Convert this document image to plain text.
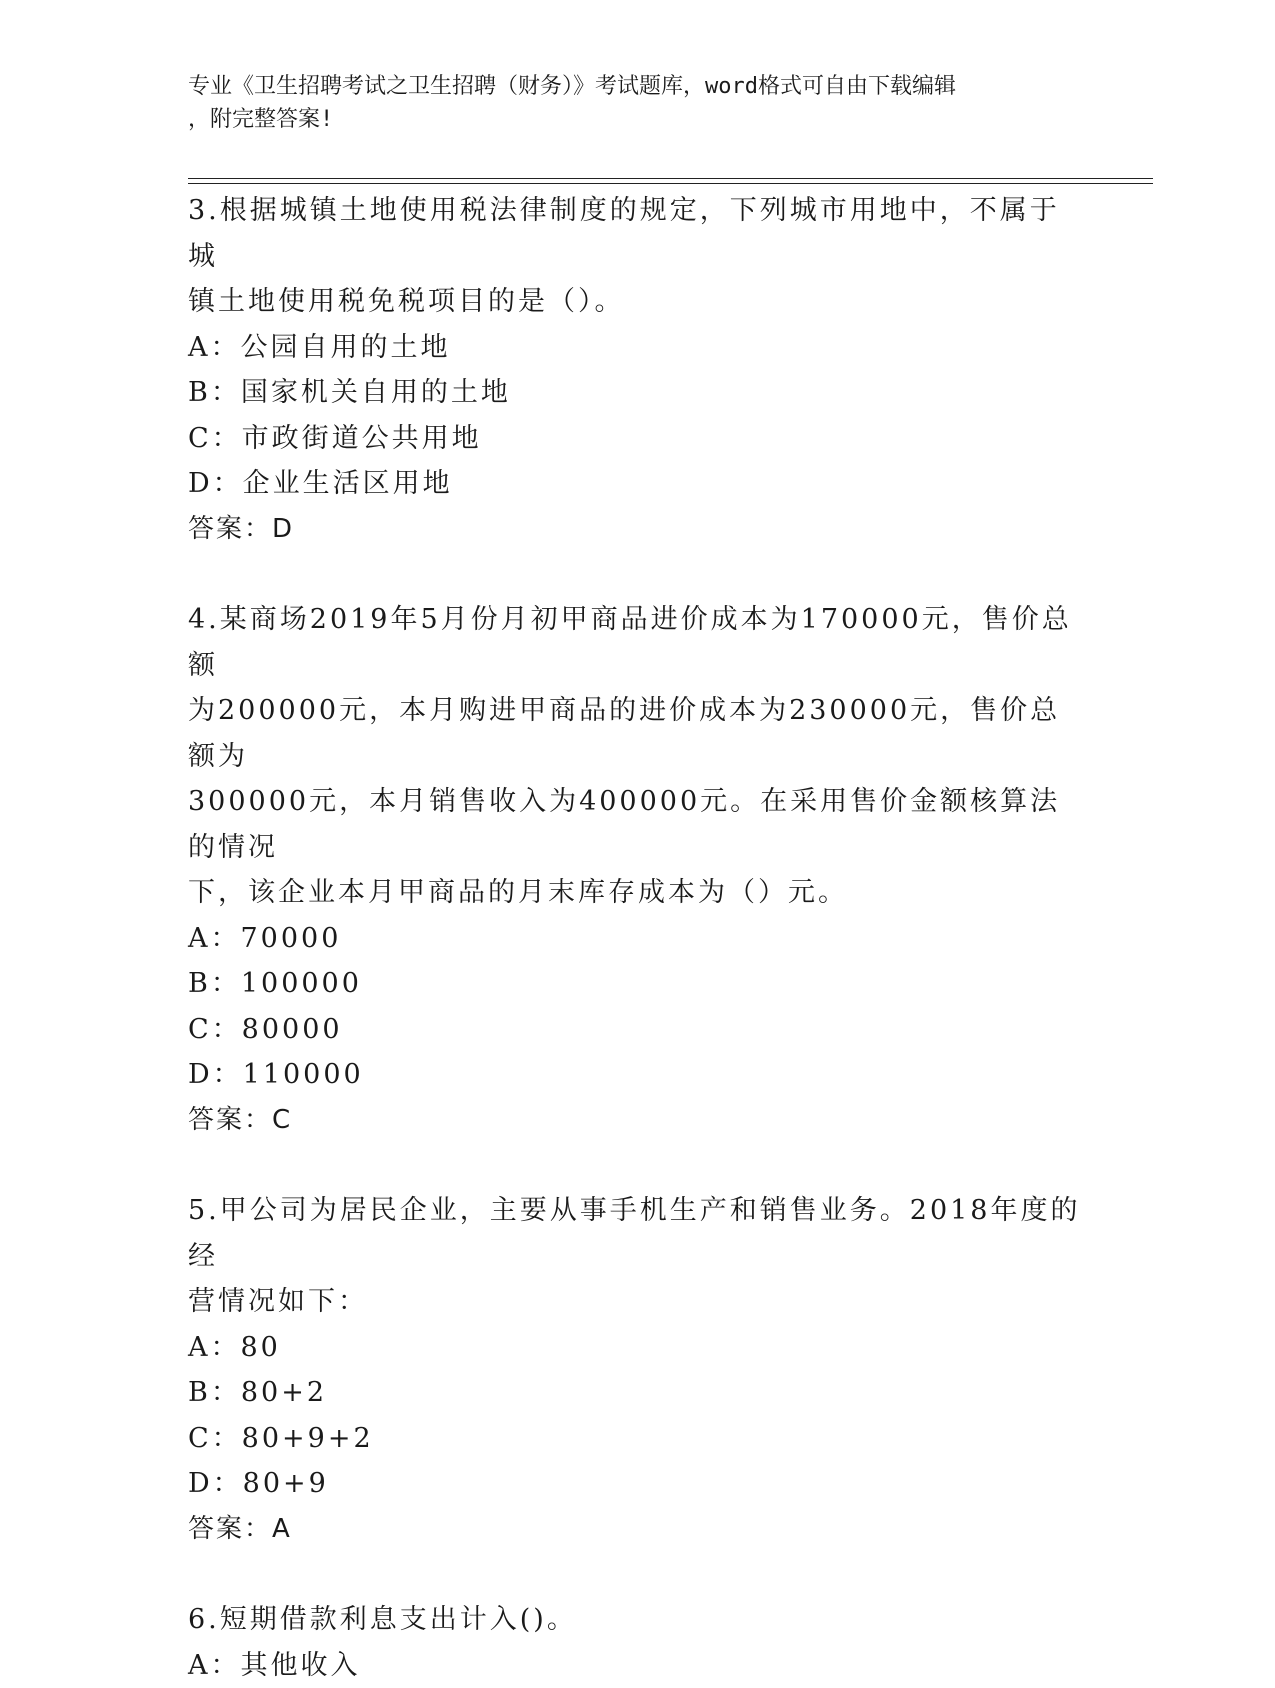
专业《卫生招聘考试之卫生招聘（财务）》考试题库，word格式可自由下载编辑
，附完整答案!
3.根据城镇土地使用税法律制度的规定，下列城市用地中，不属于城
镇土地使用税免税项目的是（）。
A：公园自用的土地
B：国家机关自用的土地
C：市政街道公共用地
D：企业生活区用地
答案：D
4.某商场2019年5月份月初甲商品进价成本为170000元，售价总额
为200000元，本月购进甲商品的进价成本为230000元，售价总额为
300000元，本月销售收入为400000元。在采用售价金额核算法的情况
下，该企业本月甲商品的月末库存成本为（）元。
A：70000
B：100000
C：80000
D：110000
答案：C
5.甲公司为居民企业，主要从事手机生产和销售业务。2018年度的经
营情况如下：
A：80
B：80+2
C：80+9+2
D：80+9
答案：A
6.短期借款利息支出计入()。
A：其他收入
